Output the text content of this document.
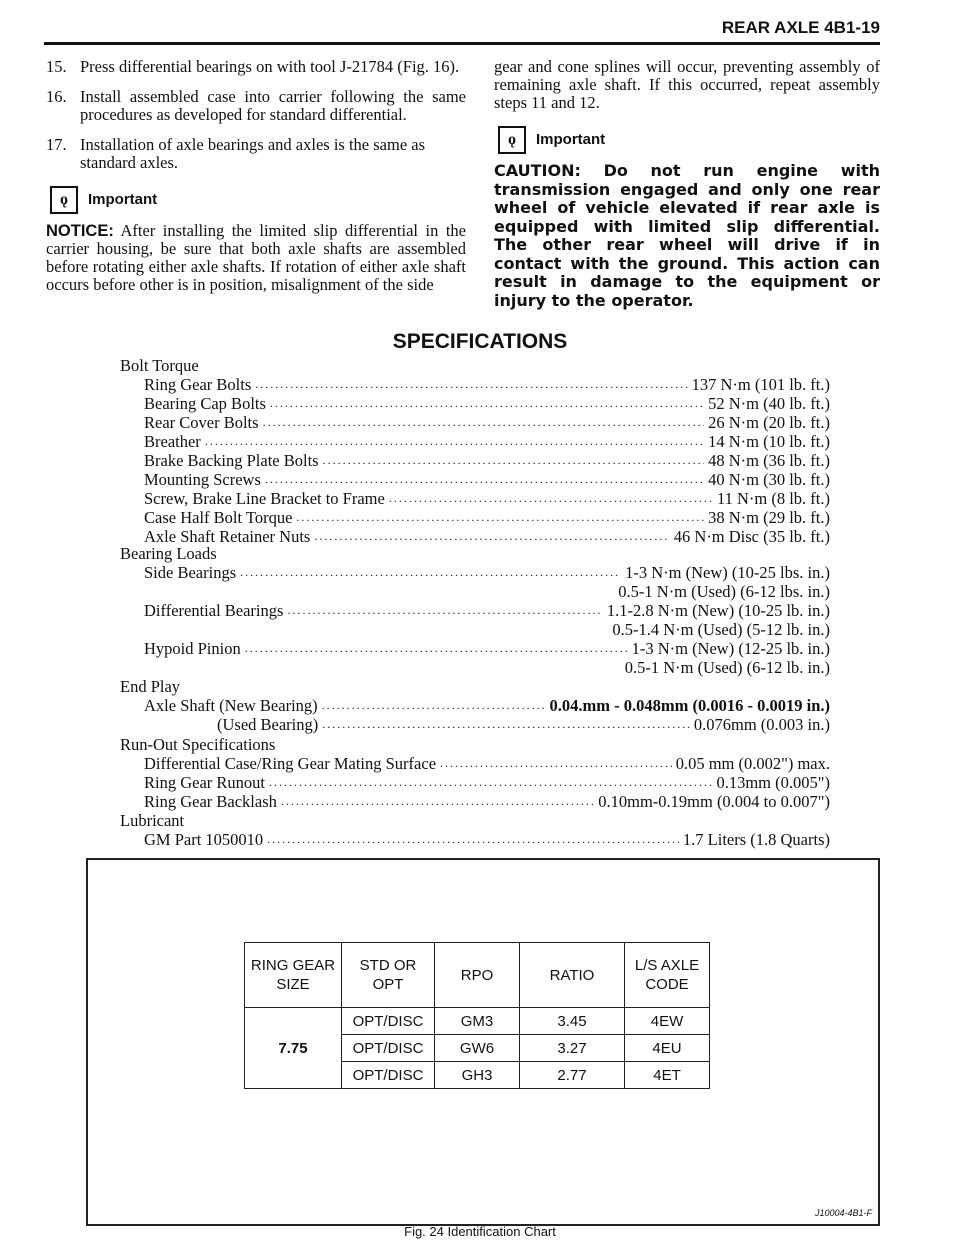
REAR AXLE 4B1-19
15. Press differential bearings on with tool J-21784 (Fig. 16).
16. Install assembled case into carrier following the same procedures as developed for standard differential.
17. Installation of axle bearings and axles is the same as standard axles.
ǫ	Important
NOTICE: After installing the limited slip differential in the carrier housing, be sure that both axle shafts are assembled before rotating either axle shafts. If rotation of either axle shaft occurs before other is in position, misalignment of the side
gear and cone splines will occur, preventing assembly of remaining axle shaft. If this occurred, repeat assembly steps 11 and 12.
ǫ	Important
CAUTION: Do not run engine with transmission engaged and only one rear wheel of vehicle elevated if rear axle is equipped with limited slip differential. The other rear wheel will drive if in contact with the ground. This action can result in damage to the equipment or injury to the operator.
SPECIFICATIONS
Bolt Torque
Ring Gear Bolts .....	137 N·m (101 lb. ft.)
Bearing Cap Bolts .....	52 N·m (40 lb. ft.)
Rear Cover Bolts .....	26 N·m (20 lb. ft.)
Breather .....	14 N·m (10 lb. ft.)
Brake Backing Plate Bolts .....	48 N·m (36 lb. ft.)
Mounting Screws .....	40 N·m (30 lb. ft.)
Screw, Brake Line Bracket to Frame .....	11 N·m (8 lb. ft.)
Case Half Bolt Torque .....	38 N·m (29 lb. ft.)
Axle Shaft Retainer Nuts .....	46 N·m Disc (35 lb. ft.)
Bearing Loads
Side Bearings .....	1-3 N·m (New) (10-25 lbs. in.)
0.5-1 N·m (Used) (6-12 lbs. in.)
Differential Bearings .....	1.1-2.8 N·m (New) (10-25 lb. in.)
0.5-1.4 N·m (Used) (5-12 lb. in.)
Hypoid Pinion .....	1-3 N·m (New) (12-25 lb. in.)
0.5-1 N·m (Used) (6-12 lb. in.)
End Play
Axle Shaft (New Bearing) .....	0.04.mm - 0.048mm (0.0016 - 0.0019 in.)
(Used Bearing) .....	0.076mm (0.003 in.)
Run-Out Specifications
Differential Case/Ring Gear Mating Surface .....	0.05 mm (0.002") max.
Ring Gear Runout .....	0.13mm (0.005")
Ring Gear Backlash .....	0.10mm-0.19mm (0.004 to 0.007")
Lubricant
GM Part 1050010 .....	1.7 Liters (1.8 Quarts)
RING GEAR SIZE	STD OR OPT	RPO	RATIO	L/S AXLE CODE
7.75	OPT/DISC	GM3	3.45	4EW
	OPT/DISC	GW6	3.27	4EU
	OPT/DISC	GH3	2.77	4ET
J10004-4B1-F
Fig. 24 Identification Chart
